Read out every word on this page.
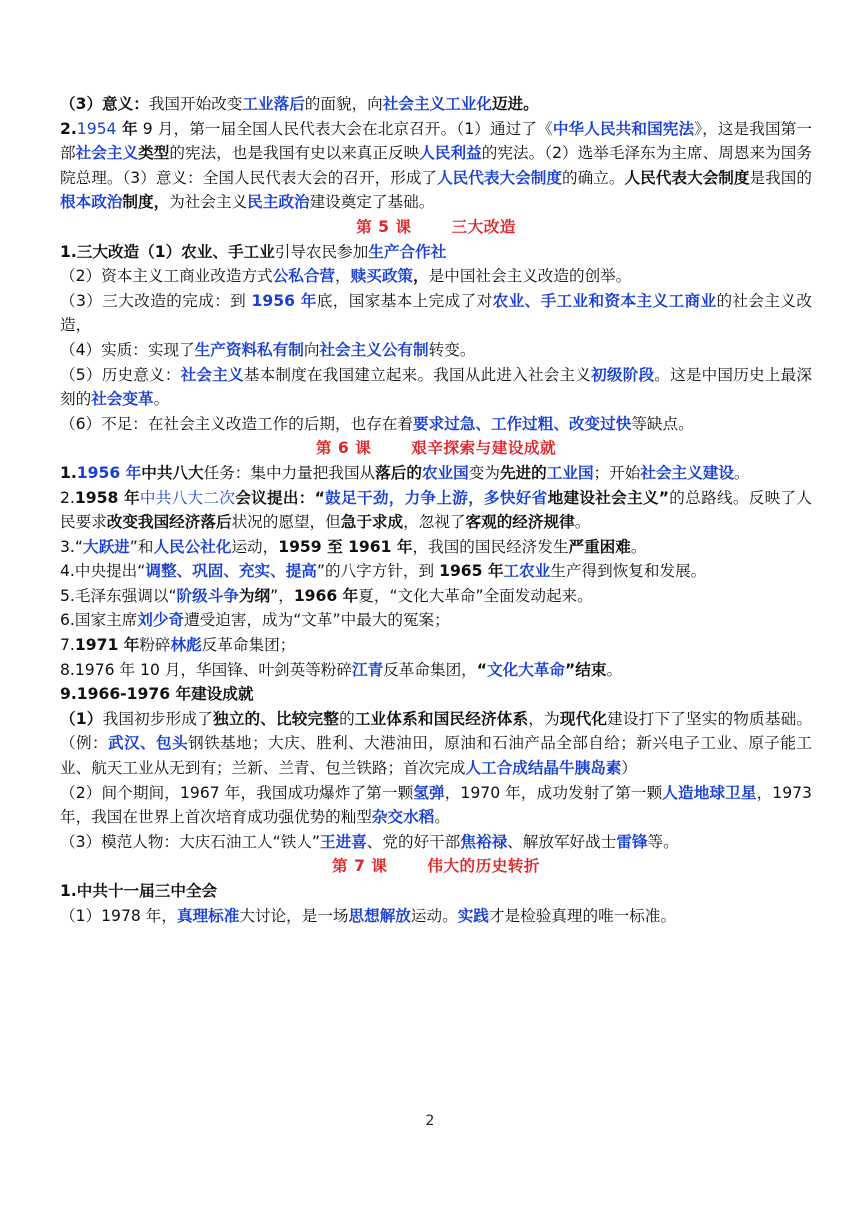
（3）意义：我国开始改变工业落后的面貌，向社会主义工业化迈进。

2.1954 年 9 月，第一届全国人民代表大会在北京召开。（1）通过了《中华人民共和国宪法》，这是我国第一部社会主义类型的宪法，也是我国有史以来真正反映人民利益的宪法。（2）选举毛泽东为主席、周恩来为国务院总理。（3）意义：全国人民代表大会的召开，形成了人民代表大会制度的确立。人民代表大会制度是我国的根本政治制度，为社会主义民主政治建设奠定了基础。

第 5 课	三大改造

1.三大改造（1）农业、手工业引导农民参加生产合作社

（2）资本主义工商业改造方式公私合营，赎买政策，是中国社会主义改造的创举。

（3）三大改造的完成：到 1956 年底，国家基本上完成了对农业、手工业和资本主义工商业的社会主义改造，

（4）实质：实现了生产资料私有制向社会主义公有制转变。

（5）历史意义：社会主义基本制度在我国建立起来。我国从此进入社会主义初级阶段。这是中国历史上最深刻的社会变革。

（6）不足：在社会主义改造工作的后期，也存在着要求过急、工作过粗、改变过快等缺点。

第 6 课	艰辛探索与建设成就

1.1956 年中共八大任务：集中力量把我国从落后的农业国变为先进的工业国；开始社会主义建设。

2.1958 年中共八大二次会议提出：“鼓足干劲，力争上游，多快好省地建设社会主义”的总路线。反映了人民要求改变我国经济落后状况的愿望，但急于求成，忽视了客观的经济规律。

3.“大跃进”和人民公社化运动，1959 至 1961 年，我国的国民经济发生严重困难。

4.中央提出“调整、巩固、充实、提高”的八字方针，到 1965 年工农业生产得到恢复和发展。

5.毛泽东强调以“阶级斗争为纲”，1966 年夏，“文化大革命”全面发动起来。

6.国家主席刘少奇遭受迫害，成为“文革”中最大的冤案；

7.1971 年粉碎林彪反革命集团；

8.1976 年 10 月，华国锋、叶剑英等粉碎江青反革命集团，“文化大革命”结束。

9.1966-1976 年建设成就

（1）我国初步形成了独立的、比较完整的工业体系和国民经济体系，为现代化建设打下了坚实的物质基础。（例：武汉、包头钢铁基地；大庆、胜利、大港油田，原油和石油产品全部自给；新兴电子工业、原子能工业、航天工业从无到有；兰新、兰青、包兰铁路；首次完成人工合成结晶牛胰岛素）

（2）间个期间，1967 年，我国成功爆炸了第一颗氢弹，1970 年，成功发射了第一颗人造地球卫星，1973 年，我国在世界上首次培育成功强优势的籼型杂交水稻。

（3）模范人物：大庆石油工人“铁人”王进喜、党的好干部焦裕禄、解放军好战士雷锋等。

第 7 课	伟大的历史转折

1.中共十一届三中全会

（1）1978 年，真理标准大讨论，是一场思想解放运动。实践才是检验真理的唯一标准。

2
